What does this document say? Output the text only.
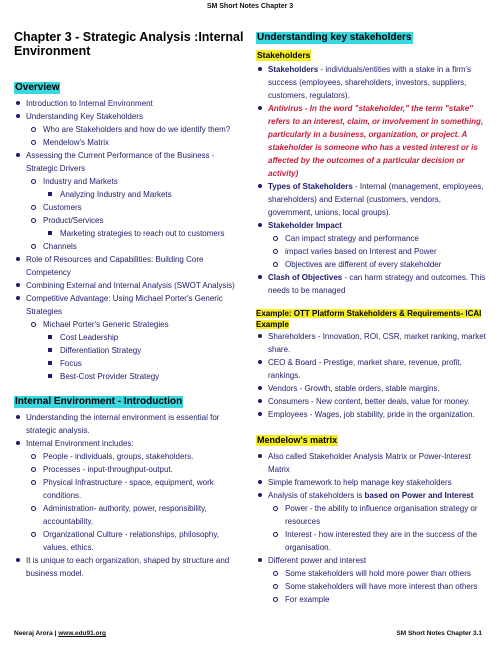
SM Short Notes Chapter 3
Chapter 3 - Strategic Analysis :Internal Environment
Overview
Introduction to Internal Environment
Understanding Key Stakeholders
Who are Stakeholders and how do we identify them?
Mendelow's Matrix
Assessing the Current Performance of the Business - Strategic Drivers
Industry and Markets
Analyzing Industry and Markets
Customers
Product/Services
Marketing strategies to reach out to customers
Channels
Role of Resources and Capabilities: Building Core Competency
Combining External and Internal Analysis (SWOT Analysis)
Competitive Advantage: Using Michael Porter's Generic Strategies
Michael Porter's Generic Strategies
Cost Leadership
Differentiation Strategy
Focus
Best-Cost Provider Strategy
Internal Environment - Introduction
Understanding the internal environment is essential for strategic analysis.
Internal Environment includes:
People - individuals, groups, stakeholders.
Processes - input-throughput-output.
Physical Infrastructure - space, equipment, work conditions.
Administration- authority, power, responsibility, accountability.
Organizational Culture - relationships, philosophy, values, ethics.
It is unique to each organization, shaped by structure and business model.
Understanding key stakeholders
Stakeholders
Stakeholders - individuals/entities with a stake in a firm's success (employees, shareholders, investors, suppliers, customers, regulators).
Antivirus - In the word "stakeholder," the term "stake" refers to an interest, claim, or involvement in something, particularly in a business, organization, or project. A stakeholder is someone who has a vested interest or is affected by the outcomes of a particular decision or activity)
Types of Stakeholders - Internal (management, employees, shareholders) and External (customers, vendors, government, unions, local groups).
Stakeholder Impact
Can impact strategy and performance
impact varies based on Interest and Power
Objectives are different of every stakeholder
Clash of Objectives - can harm strategy and outcomes. This needs to be managed
Example: OTT Platform Stakeholders & Requirements- ICAI Example
Shareholders - Innovation, ROI, CSR, market ranking, market share.
CEO & Board - Prestige, market share, revenue, profit, rankings.
Vendors - Growth, stable orders, stable margins.
Consumers - New content, better deals, value for money.
Employees - Wages, job stability, pride in the organization.
Mendelow's matrix
Also called Stakeholder Analysis Matrix or Power-Interest Matrix
Simple framework to help manage key stakeholders
Analysis of stakeholders is based on Power and Interest
Power - the ability to influence organisation strategy or resources
Interest - how interested they are in the success of the organisation.
Different power and interest
Some stakeholders will hold more power than others
Some stakeholders will have more interest than others
For example
Neeraj Arora | www.edu91.org	SM Short Notes Chapter 3.1
